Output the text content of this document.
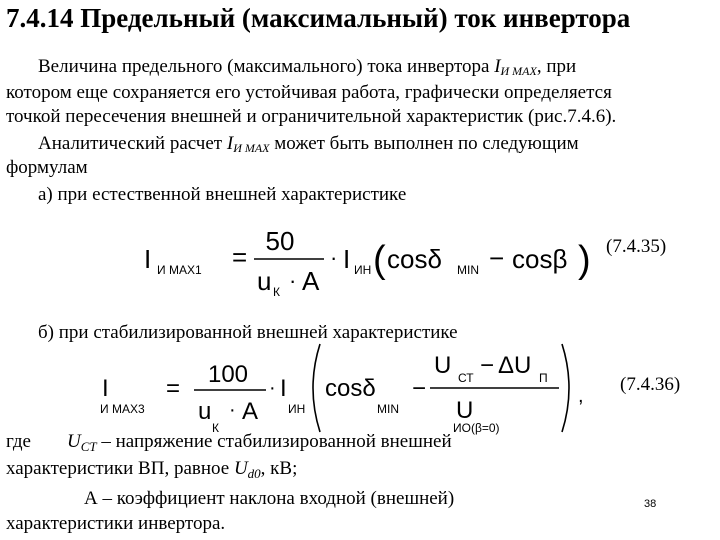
7.4.14 Предельный (максимальный) ток инвертора
Величина предельного (максимального) тока инвертора $I_{И MAX}$, при
котором еще сохраняется его устойчивая работа, графически определяется
точкой пересечения внешней и ограничительной характеристик (рис.7.4.6).
Аналитический расчет $I_{И MAX}$ может быть выполнен по следующим
формулам
а) при естественной внешней характеристике
I И MAX1 =
50
u К · A
· I ИН ( cosδ MIN − cosβ ) (7.4.35)
б) при стабилизированной внешней характеристике
I
И MAX3
=
100
u
К
· A
· I
ИН
cosδ
MIN
−
U СТ − ΔU П
U
ИО(β=0)
,
(7.4.36)
где $U_{СТ}$ – напряжение стабилизированной внешней
характеристики ВП, равное $U_{d0}$, кВ;
А – коэффициент наклона входной (внешней)
характеристики инвертора.
38
